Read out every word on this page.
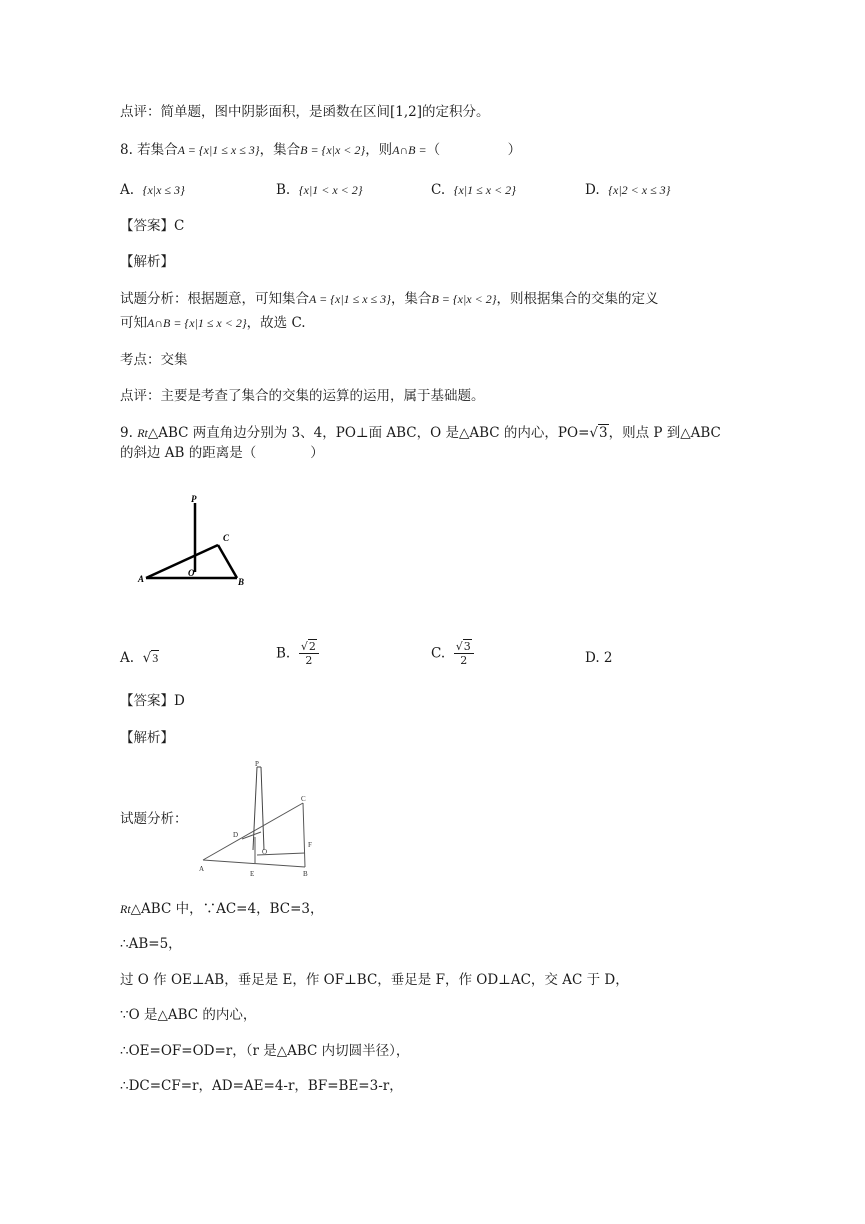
点评：简单题，图中阴影面积，是函数在区间[1,2]的定积分。
8. 若集合A = {x|1 ≤ x ≤ 3}，集合B = {x|x < 2}，则A∩B =（　　　　　）
A. {x|x ≤ 3}	B. {x|1 < x < 2}	C. {x|1 ≤ x < 2}	D. {x|2 < x ≤ 3}
【答案】C
【解析】
试题分析：根据题意，可知集合A = {x|1 ≤ x ≤ 3}，集合B = {x|x < 2}，则根据集合的交集的定义
可知A∩B = {x|1 ≤ x < 2}，故选 C.
考点：交集
点评：主要是考查了集合的交集的运算的运用，属于基础题。
9. Rt△ABC 两直角边分别为 3、4，PO⊥面 ABC，O 是△ABC 的内心，PO=√3，则点 P 到△ABC
的斜边 AB 的距离是（　　　　）
P
C
O
A	B
A.  √3	B. $\frac{√2}{2}$	C. $\frac{√3}{2}$	D. 2
【答案】D
【解析】
试题分析：
P
C
D
O
F
A
E	B
Rt△ABC 中，∵AC=4，BC=3，
∴AB=5，
过 O 作 OE⊥AB，垂足是 E，作 OF⊥BC，垂足是 F，作 OD⊥AC，交 AC 于 D，
∵O 是△ABC 的内心，
∴OE=OF=OD=r，（r 是△ABC 内切圆半径），
∴DC=CF=r，AD=AE=4-r，BF=BE=3-r，
